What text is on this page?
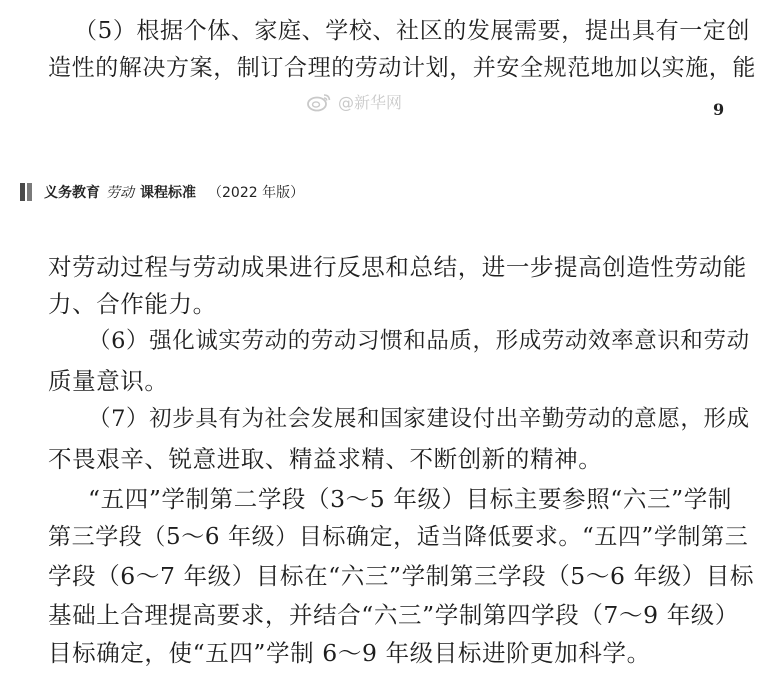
（5）根据个体、家庭、学校、社区的发展需要，提出具有一定创
造性的解决方案，制订合理的劳动计划，并安全规范地加以实施，能
@新华网	9
义务教育 劳动 课程标准 （2022 年版）
对劳动过程与劳动成果进行反思和总结，进一步提高创造性劳动能
力、合作能力。
（6）强化诚实劳动的劳动习惯和品质，形成劳动效率意识和劳动
质量意识。
（7）初步具有为社会发展和国家建设付出辛勤劳动的意愿，形成
不畏艰辛、锐意进取、精益求精、不断创新的精神。
“五四”学制第二学段（3～5 年级）目标主要参照“六三”学制
第三学段（5～6 年级）目标确定，适当降低要求。“五四”学制第三
学段（6～7 年级）目标在“六三”学制第三学段（5～6 年级）目标
基础上合理提高要求，并结合“六三”学制第四学段（7～9 年级）
目标确定，使“五四”学制 6～9 年级目标进阶更加科学。
